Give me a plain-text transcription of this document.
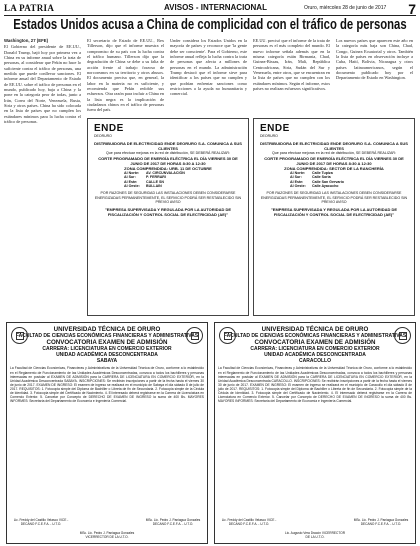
LA PATRIA	AVISOS - INTERNACIONAL	Oruro, miércoles 28 de junio de 2017 7
Estados Unidos acusa a China de complicidad con el tráfico de personas

Washington, 27 (EFE)

El Gobierno del presidente de EE.UU., Donald Trump, bajó hoy por primera vez a China en su informe anual sobre la trata de personas, al considerar que Pekín no hace lo suficiente contra el tráfico de personas, una medida que puede conllevar sanciones. El informe anual del Departamento de Estado de EE.UU. sobre el tráfico de personas en el mundo, publicado hoy, baja a China y la pone en la categoría peor de todas, junto a Irán, Corea del Norte, Venezuela, Rusia, Siria y otros países. China ha sido colocada en la lista de países que no cumplen los estándares mínimos para la lucha contra el tráfico de personas.

El secretario de Estado de EE.UU., Rex Tillerson, dijo que el informe muestra el compromiso de su país con la lucha contra el tráfico humano. Tillerson dijo que la degradación de China se debe a su falta de acción frente al trabajo forzoso de norcoreanos en su territorio y otros abusos. El documento precisa que, en general, la labor en la materia no es suficiente, y recomienda que Pekín redoble sus esfuerzos. Otra razón para incluir a China en la lista negra es la implicación de ciudadanos chinos en el tráfico de personas fuera del país.

Under considera los Estados Unidos en la mayoría de países y reconoce que 'la gente debe ser consciente'. Para el Gobierno, este informe anual refleja la lucha contra la trata de personas que afecta a millones de personas en el mundo. La administración Trump destacó que el informe sirve para identificar a los países que no cumplen y que podrían enfrentar sanciones como restricciones a la ayuda no humanitaria y comercial.

EE.UU. precisó que el informe de la trata de personas es el más completo del mundo. El nuevo informe señala además que en la misma categoría están Birmania, Chad, Guinea-Bissau, Irán, Mali, República Centroafricana, Siria, Sudán del Sur y Venezuela, entre otros, que se encuentran en la lista de países que no cumplen con los estándares mínimos. Según el informe, estos países no realizan esfuerzos significativos.

Los nuevos países que aparecen este año en la categoría más baja son China, Chad, Congo, Guinea Ecuatorial y otros. También la lista de países en observación incluye a Cuba, Haití, Bolivia, Nicaragua y otros países latinoamericanos, según el documento publicado hoy por el Departamento de Estado en Washington.

ENDE
DEORURO
DISTRIBUIDORA DE ELECTRICIDAD ENDE DEORURO S.A. COMUNICA A SUS CLIENTES
Que para efectuar mejoras en la red de distribución, SE DEBERÁ REALIZAR:
CORTE PROGRAMADO DE ENERGÍA ELÉCTRICA EL DÍA VIERNES 30 DE JUNIO DE 2017 DE HORAS 8:30 A 12:30
ZONA COMPRENDIDA: URB. 11 DE OCTUBRE
Al Norte: AV. CIRCUNVALACIÓN
Al Sur:	P. FERRARI
Al Este: CALLE SN
Al Oeste: BULLAIN
POR RAZONES DE SEGURIDAD LAS INSTALACIONES DEBEN CONSIDERARSE ENERGIZADAS PERMANENTEMENTE, EL SERVICIO PODRÁ SER RESTABLECIDO SIN PREVIO AVISO
"EMPRESA SUPERVISADA Y REGULADA POR LA AUTORIDAD DE FISCALIZACIÓN Y CONTROL SOCIAL DE ELECTRICIDAD (AE)"
ENDE
DEORURO
DISTRIBUIDORA DE ELECTRICIDAD ENDE DEORURO S.A. COMUNICA A SUS CLIENTES
Que para efectuar mejoras en la red de distribución, SE DEBERÁ REALIZAR:
CORTE PROGRAMADO DE ENERGÍA ELÉCTRICA EL DÍA VIERNES 30 DE JUNIO DE 2017 DE HORAS 8:30 A 12:30
ZONA COMPRENDIDA: SECTOR DE LA RANCHERÍA
Al Norte: Calle Tupiza
Al Sur:	Calle Soria
Al Este: Calle San Gervario
Al Oeste: Calle Ayacucho
POR RAZONES DE SEGURIDAD LAS INSTALACIONES DEBEN CONSIDERARSE ENERGIZADAS PERMANENTEMENTE, EL SERVICIO PODRÁ SER RESTABLECIDO SIN PREVIO AVISO
"EMPRESA SUPERVISADA Y REGULADA POR LA AUTORIDAD DE FISCALIZACIÓN Y CONTROL SOCIAL DE ELECTRICIDAD (AE)"
UNIVERSIDAD TÉCNICA DE ORURO
FACULTAD DE CIENCIAS ECONÓMICAS FINANCIERAS Y ADMINISTRATIVAS
CONVOCATORIA EXAMEN DE ADMISIÓN
CARRERA: LICENCIATURA EN COMERCIO EXTERIOR
UNIDAD ACADÉMICA DESCONCENTRADA
SABAYA
La Facultad de Ciencias Económicas, Financieras y Administrativas de la Universidad Técnica de Oruro, conforme a lo establecido en el Reglamento de Funcionamiento de las Unidades Académicas Desconcentradas, convoca a todos los bachilleres y personas interesadas en postular al EXAMEN DE ADMISIÓN para la CARRERA DE LICENCIATURA EN COMERCIO EXTERIOR, en la Unidad Académica Desconcentrada SABAYA. INSCRIPCIONES: Se recibirán inscripciones a partir de la fecha hasta el viernes 30 de junio de 2017. EXAMEN DE INGRESO: El examen de ingreso se realizará en el municipio de Sabaya el día sábado 8 de julio de 2017. REQUISITOS: 1. Fotocopia simple del Diploma de Bachiller o Libreta de fin de Secundaria. 2. Fotocopia simple de la Cédula de Identidad. 3. Fotocopia simple del Certificado de Nacimiento. 4. El interesado deberá registrarse en la Carrera de Licenciatura en Comercio Exterior. 5. Cancelar por Concepto de DERECHO DE EXAMEN DE INGRESO la suma de 400 Bs. MAYORES INFORMES: Secretaría del Departamento de Economía e Ingeniería Comercial.
Lic. Freddy del Castillo Velasco VICE - DECANO F.C.E.F.A. - U.T.O.
MSc. Lic. Pedro J. Paniagua Gonzales DECANO F.C.E.F.A. - U.T.O.
MSc. Lic. Pedro J. Paniagua Gonzales VICERRECTOR DE LA U.T.O.
UNIVERSIDAD TÉCNICA DE ORURO
FACULTAD DE CIENCIAS ECONÓMICAS FINANCIERAS Y ADMINISTRATIVAS
CONVOCATORIA EXAMEN DE ADMISIÓN
CARRERA: LICENCIATURA EN COMERCIO EXTERIOR
UNIDAD ACADÉMICA DESCONCENTRADA
CARACOLLO
La Facultad de Ciencias Económicas, Financieras y Administrativas de la Universidad Técnica de Oruro, conforme a lo establecido en el Reglamento de Funcionamiento de las Unidades Académicas Desconcentradas, convoca a todos los bachilleres y personas interesadas en postular al EXAMEN DE ADMISIÓN para la CARRERA DE LICENCIATURA EN COMERCIO EXTERIOR, en la Unidad Académica Desconcentrada CARACOLLO. INSCRIPCIONES: Se recibirán inscripciones a partir de la fecha hasta el viernes 30 de junio de 2017. EXAMEN DE INGRESO: El examen de ingreso se realizará en el municipio de Caracollo el día sábado 8 de julio de 2017. REQUISITOS: 1. Fotocopia simple del Diploma de Bachiller o Libreta de fin de Secundaria. 2. Fotocopia simple de la Cédula de Identidad. 3. Fotocopia simple del Certificado de Nacimiento. 4. El interesado deberá registrarse en la Carrera de Licenciatura en Comercio Exterior. 5. Cancelar por Concepto de DERECHO DE EXAMEN DE INGRESO la suma de 400 Bs. MAYORES INFORMES: Secretaría del Departamento de Economía e Ingeniería Comercial.
Lic. Freddy del Castillo Velasco VICE - DECANO F.C.E.F.A. - U.T.O.
MSc. Lic. Pedro J. Paniagua Gonzales DECANO F.C.E.F.A. - U.T.O.
Lic. Augusto Vera Dracón VICERRECTOR DE LA U.T.O.
